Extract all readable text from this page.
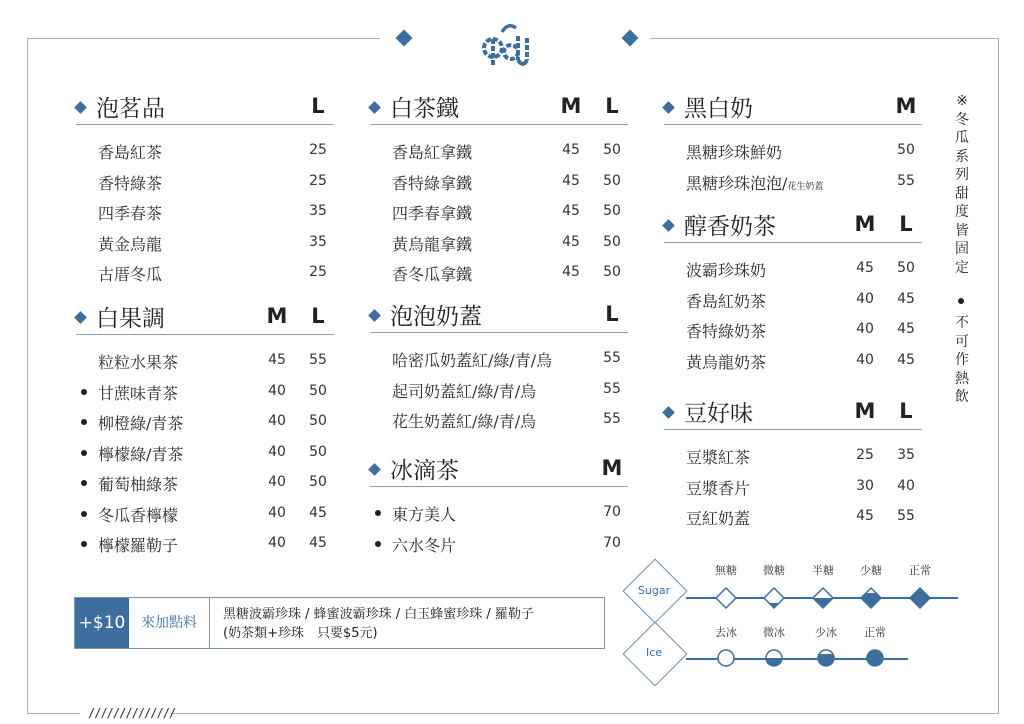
//////////////
泡茗品	L
香島紅茶	25
香特綠茶	25
四季春茶	35
黃金烏龍	35
古厝冬瓜	25
白果調	M L
粒粒水果茶	45	55
甘蔗味青茶	40	50
柳橙綠/青茶	40	50
檸檬綠/青茶	40	50
葡萄柚綠茶	40	50
冬瓜香檸檬	40	45
檸檬羅勒子	40	45
白茶鐵	M L
香島紅拿鐵	45	50
香特綠拿鐵	45	50
四季春拿鐵	45	50
黃烏龍拿鐵	45	50
香冬瓜拿鐵	45	50
泡泡奶蓋	L
哈密瓜奶蓋紅/綠/青/烏	55
起司奶蓋紅/綠/青/烏	55
花生奶蓋紅/綠/青/烏	55
冰滴茶	M
東方美人	70
六水冬片	70
黑白奶	M
黑糖珍珠鮮奶	50
黑糖珍珠泡泡/花生奶蓋	55
醇香奶茶	M L
波霸珍珠奶	45	50
香島紅奶茶	40	45
香特綠奶茶	40	45
黃烏龍奶茶	40	45
豆好味	M L
豆漿紅茶	25	35
豆漿香片	30	40
豆紅奶蓋	45	55
※
冬
瓜
系
列
甜
度
皆
固
定
不
可
作
熱
飲
+$10	來加點料
黑糖波霸珍珠 / 蜂蜜波霸珍珠 / 白玉蜂蜜珍珠 / 羅勒子
(奶茶類+珍珠　只要$5元)
Sugar
Ice
無糖	微糖	半糖	少糖	正常
去冰	微冰	少冰	正常
